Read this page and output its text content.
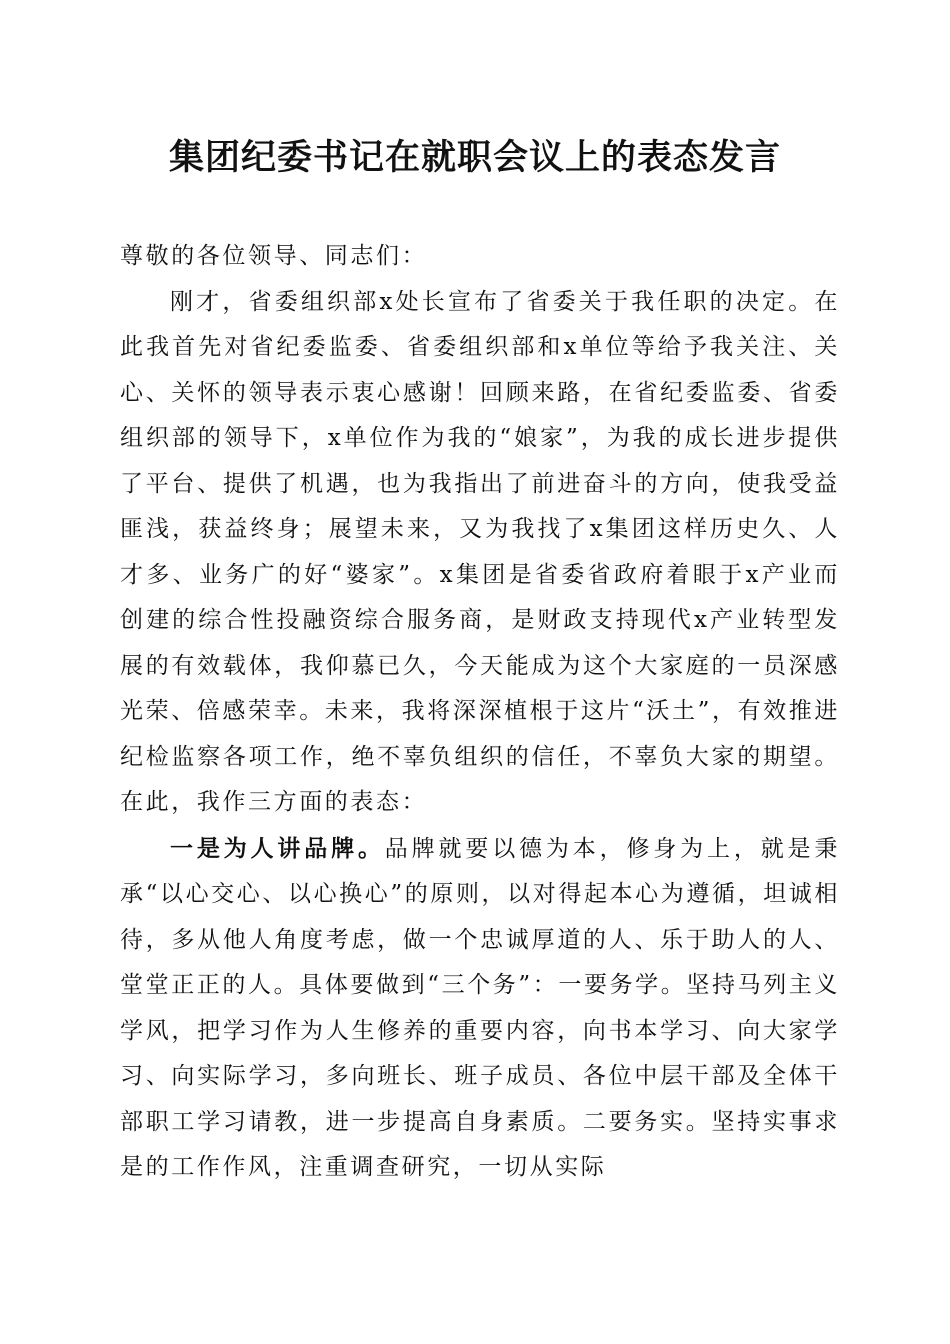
集团纪委书记在就职会议上的表态发言

尊敬的各位领导、同志们：

刚才，省委组织部x处长宣布了省委关于我任职的决定。在此我首先对省纪委监委、省委组织部和x单位等给予我关注、关心、关怀的领导表示衷心感谢！回顾来路，在省纪委监委、省委组织部的领导下，x单位作为我的“娘家”，为我的成长进步提供了平台、提供了机遇，也为我指出了前进奋斗的方向，使我受益匪浅，获益终身；展望未来，又为我找了x集团这样历史久、人才多、业务广的好“婆家”。x集团是省委省政府着眼于x产业而创建的综合性投融资综合服务商，是财政支持现代x产业转型发展的有效载体，我仰慕已久，今天能成为这个大家庭的一员深感光荣、倍感荣幸。未来，我将深深植根于这片“沃土”，有效推进纪检监察各项工作，绝不辜负组织的信任，不辜负大家的期望。在此，我作三方面的表态：

一是为人讲品牌。品牌就要以德为本，修身为上，就是秉承“以心交心、以心换心”的原则，以对得起本心为遵循，坦诚相待，多从他人角度考虑，做一个忠诚厚道的人、乐于助人的人、堂堂正正的人。具体要做到“三个务”：一要务学。坚持马列主义学风，把学习作为人生修养的重要内容，向书本学习、向大家学习、向实际学习，多向班长、班子成员、各位中层干部及全体干部职工学习请教，进一步提高自身素质。二要务实。坚持实事求是的工作作风，注重调查研究，一切从实际
